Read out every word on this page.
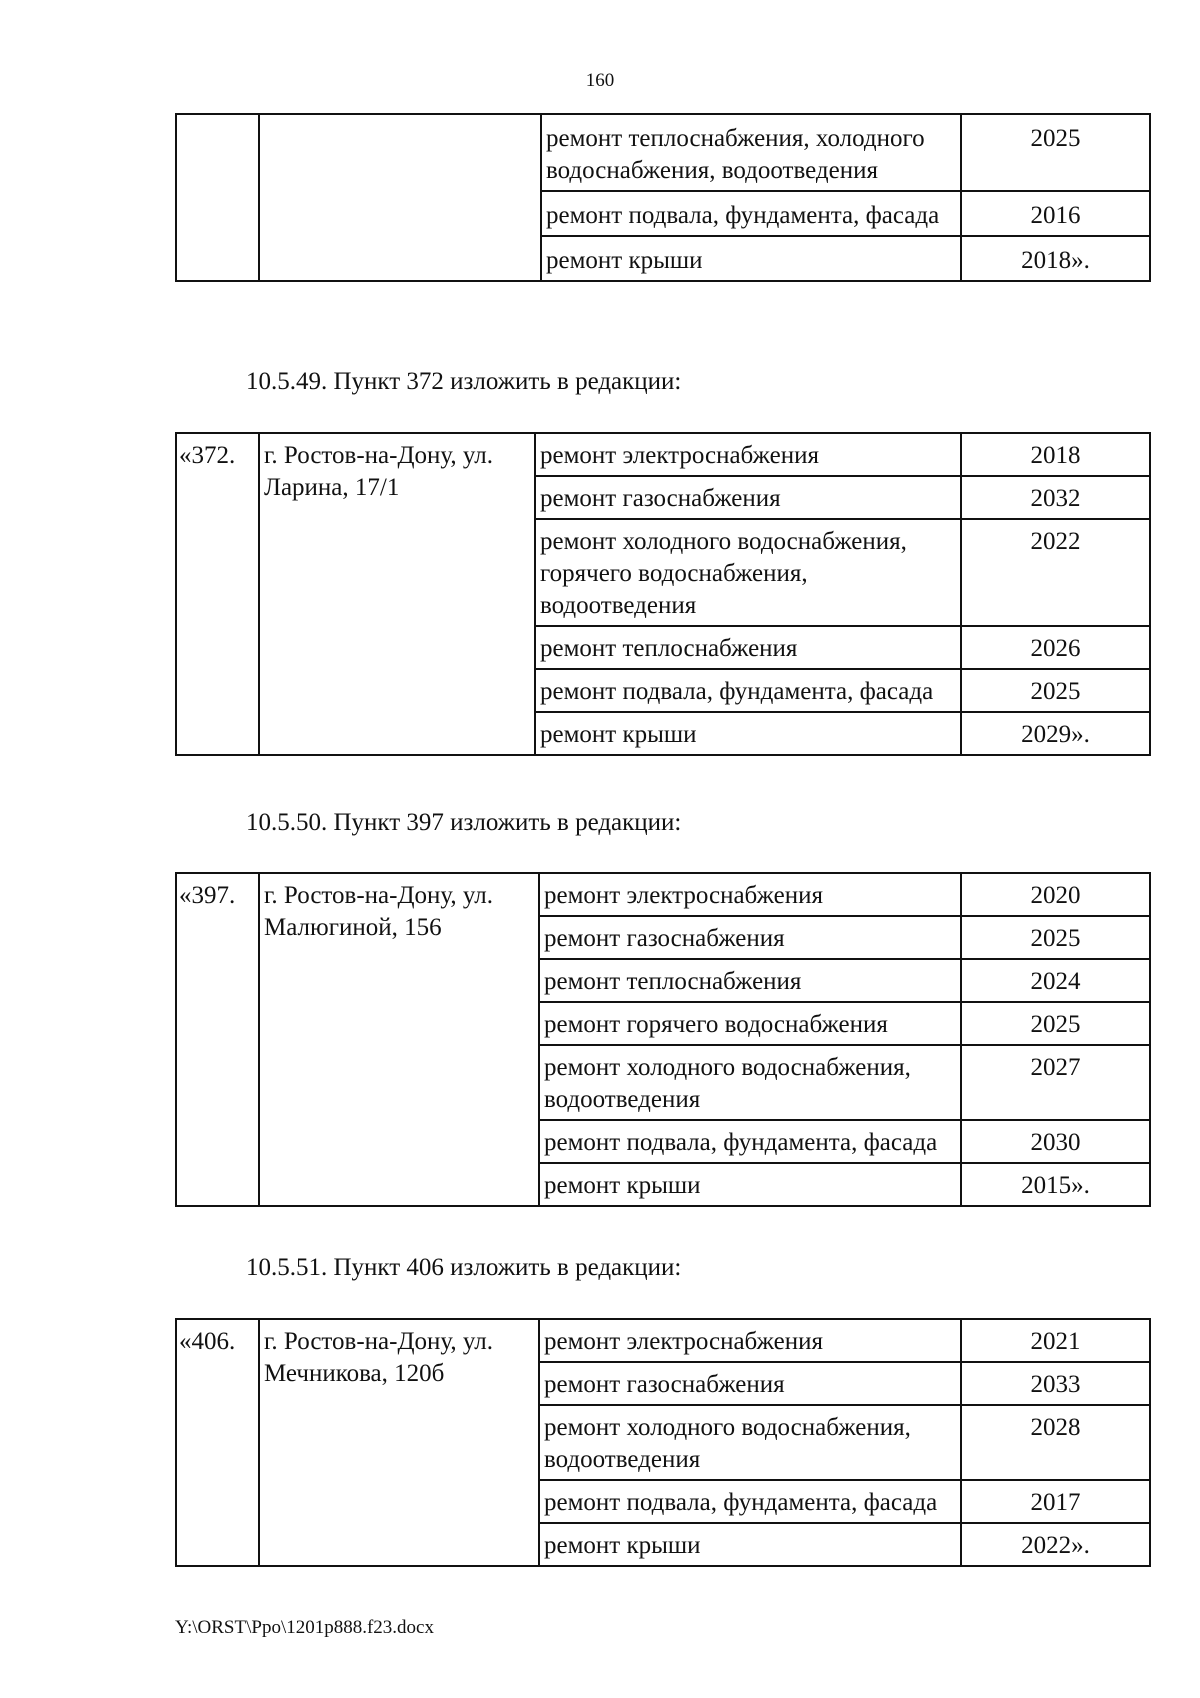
160
		ремонт теплоснабжения, холодного водоснабжения, водоотведения	2025
		ремонт подвала, фундамента, фасада	2016
		ремонт крыши	2018».
10.5.49. Пункт 372 изложить в редакции:
«372.	г. Ростов-на-Дону, ул. Ларина, 17/1	ремонт электроснабжения	2018
		ремонт газоснабжения	2032
		ремонт холодного водоснабжения, горячего водоснабжения, водоотведения	2022
		ремонт теплоснабжения	2026
		ремонт подвала, фундамента, фасада	2025
		ремонт крыши	2029».
10.5.50. Пункт 397 изложить в редакции:
«397.	г. Ростов-на-Дону, ул. Малюгиной, 156	ремонт электроснабжения	2020
		ремонт газоснабжения	2025
		ремонт теплоснабжения	2024
		ремонт горячего водоснабжения	2025
		ремонт холодного водоснабжения, водоотведения	2027
		ремонт подвала, фундамента, фасада	2030
		ремонт крыши	2015».
10.5.51. Пункт 406 изложить в редакции:
«406.	г. Ростов-на-Дону, ул. Мечникова, 120б	ремонт электроснабжения	2021
		ремонт газоснабжения	2033
		ремонт холодного водоснабжения, водоотведения	2028
		ремонт подвала, фундамента, фасада	2017
		ремонт крыши	2022».
Y:\ORST\Ppo\1201p888.f23.docx
